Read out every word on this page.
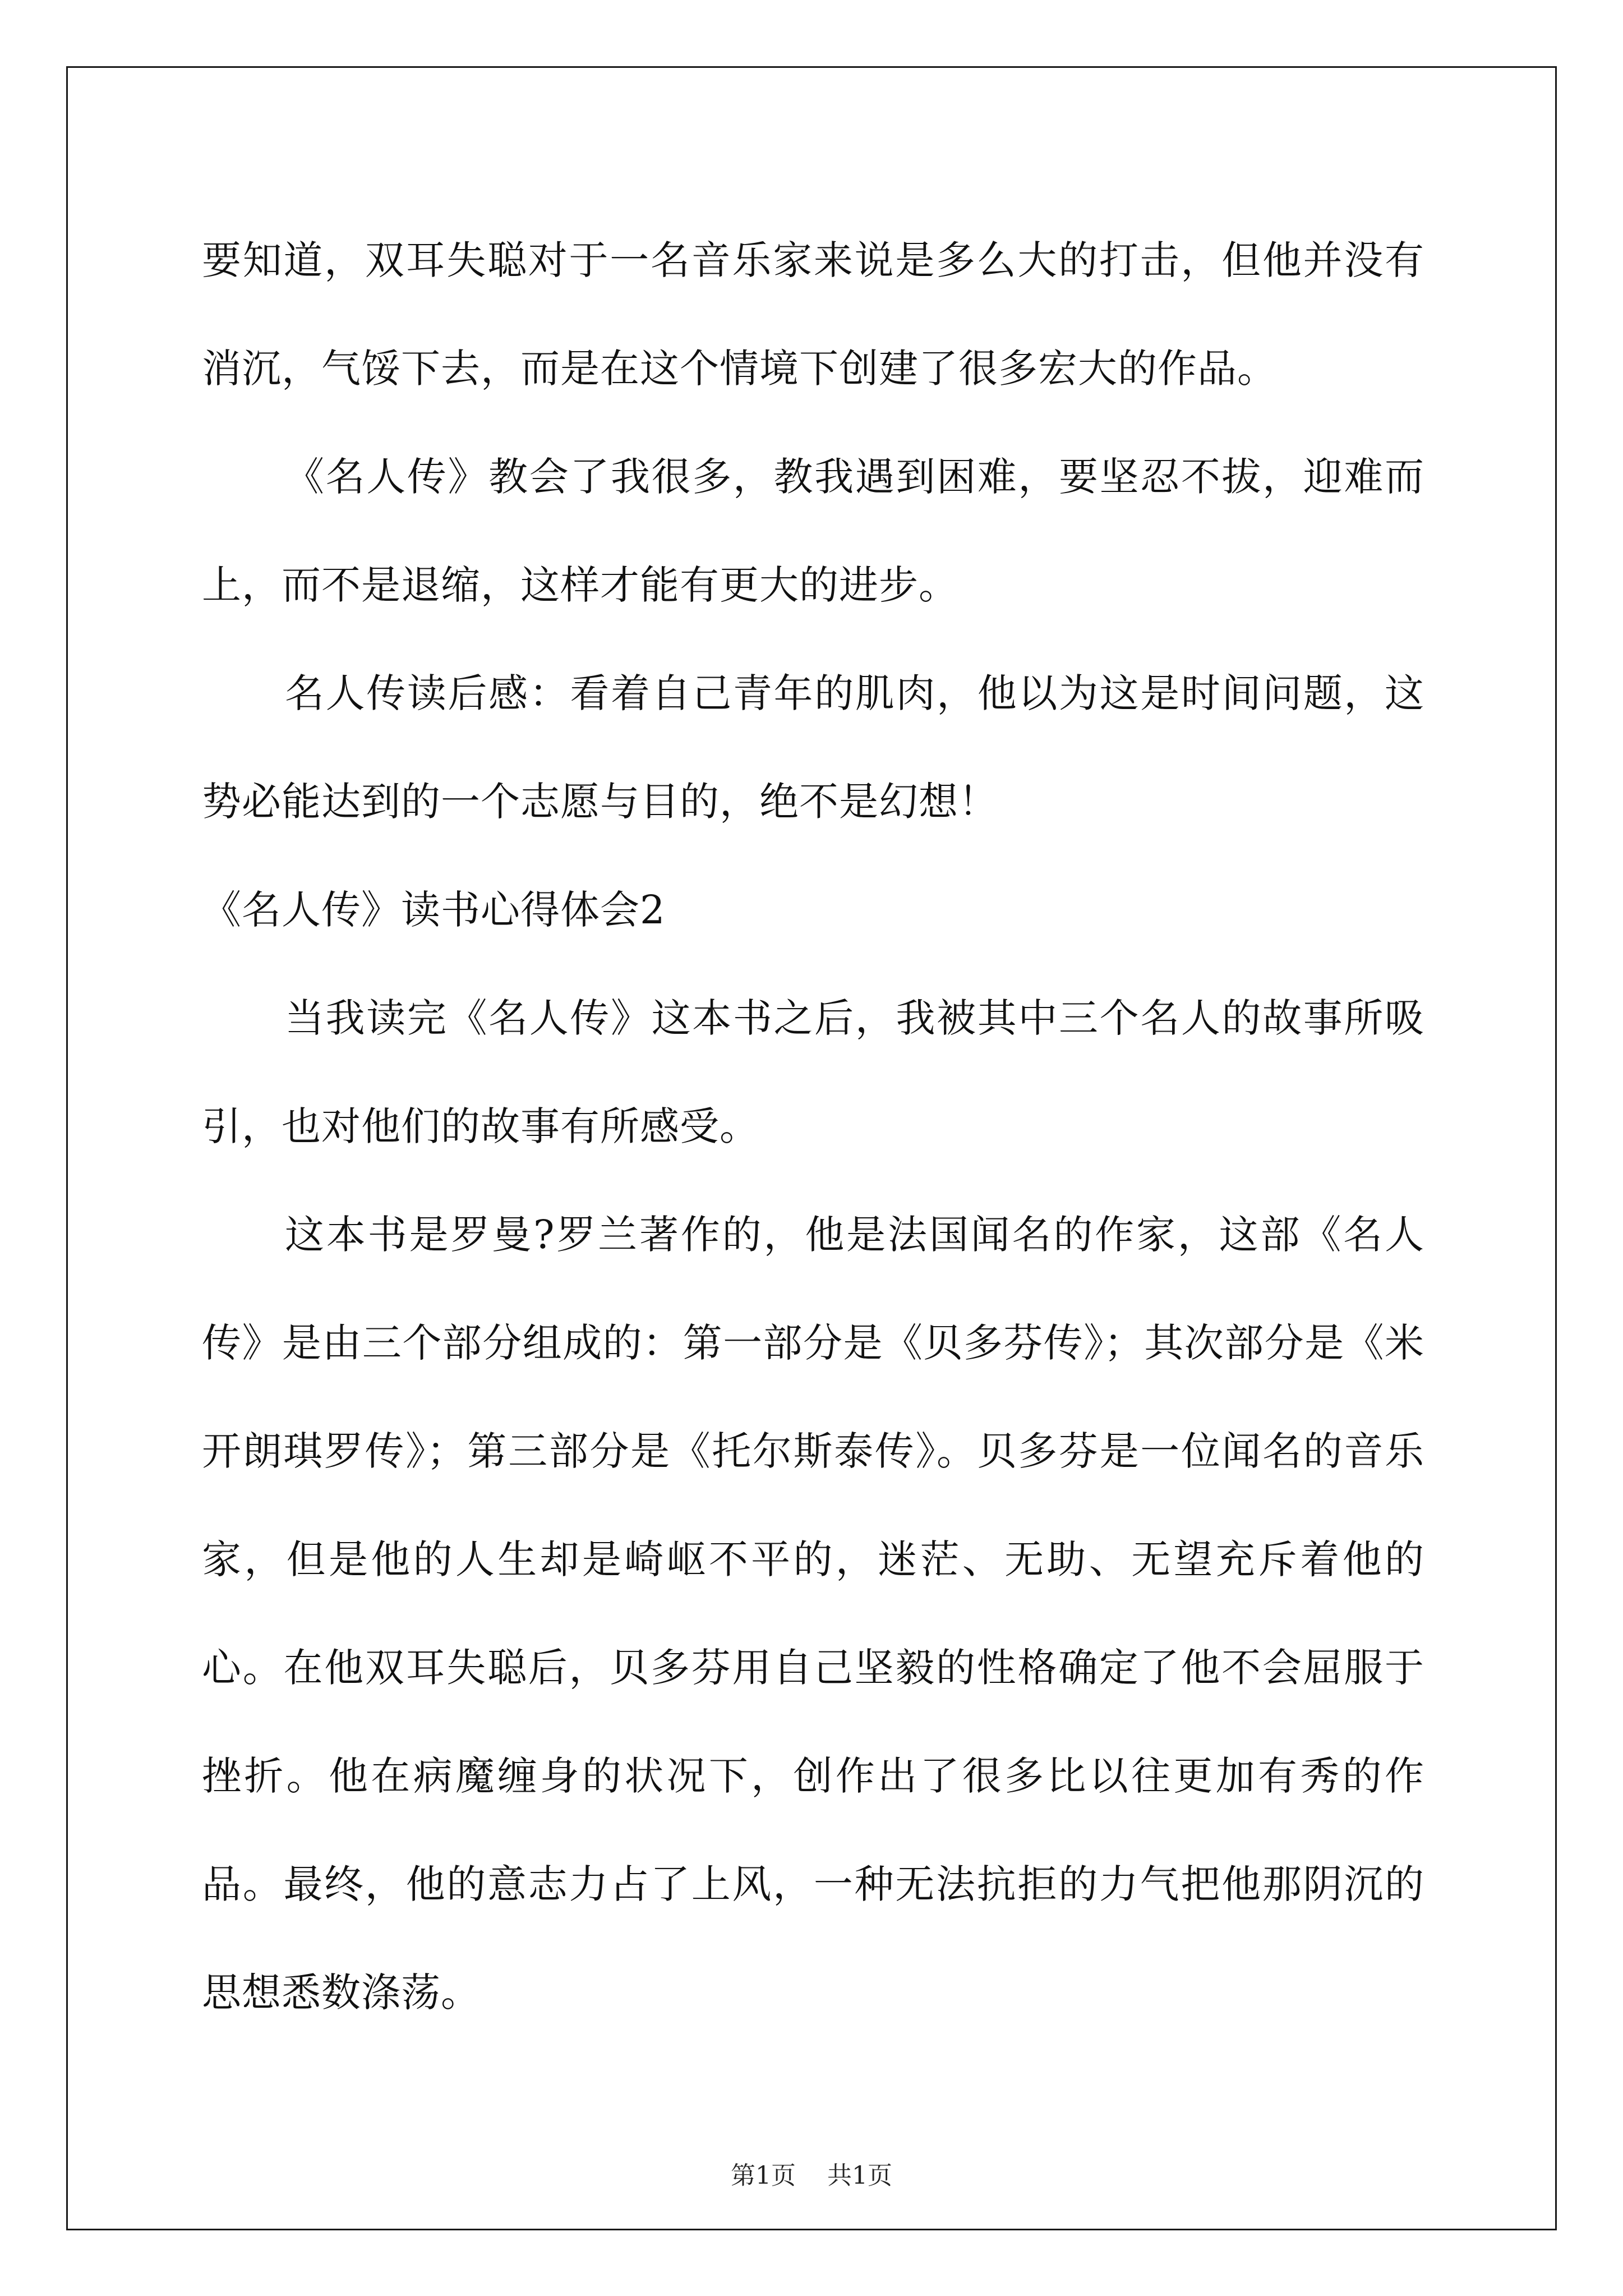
要知道，双耳失聪对于一名音乐家来说是多么大的打击，但他并没有消沉，气馁下去，而是在这个情境下创建了很多宏大的作品。

《名人传》教会了我很多，教我遇到困难，要坚忍不拔，迎难而上，而不是退缩，这样才能有更大的进步。

名人传读后感：看着自己青年的肌肉，他以为这是时间问题，这势必能达到的一个志愿与目的，绝不是幻想！

《名人传》读书心得体会2

当我读完《名人传》这本书之后，我被其中三个名人的故事所吸引，也对他们的故事有所感受。

这本书是罗曼?罗兰著作的，他是法国闻名的作家，这部《名人传》是由三个部分组成的：第一部分是《贝多芬传》；其次部分是《米开朗琪罗传》；第三部分是《托尔斯泰传》。贝多芬是一位闻名的音乐家，但是他的人生却是崎岖不平的，迷茫、无助、无望充斥着他的心。在他双耳失聪后，贝多芬用自己坚毅的性格确定了他不会屈服于挫折。他在病魔缠身的状况下，创作出了很多比以往更加有秀的作品。最终，他的意志力占了上风，一种无法抗拒的力气把他那阴沉的思想悉数涤荡。

第1页 共1页
